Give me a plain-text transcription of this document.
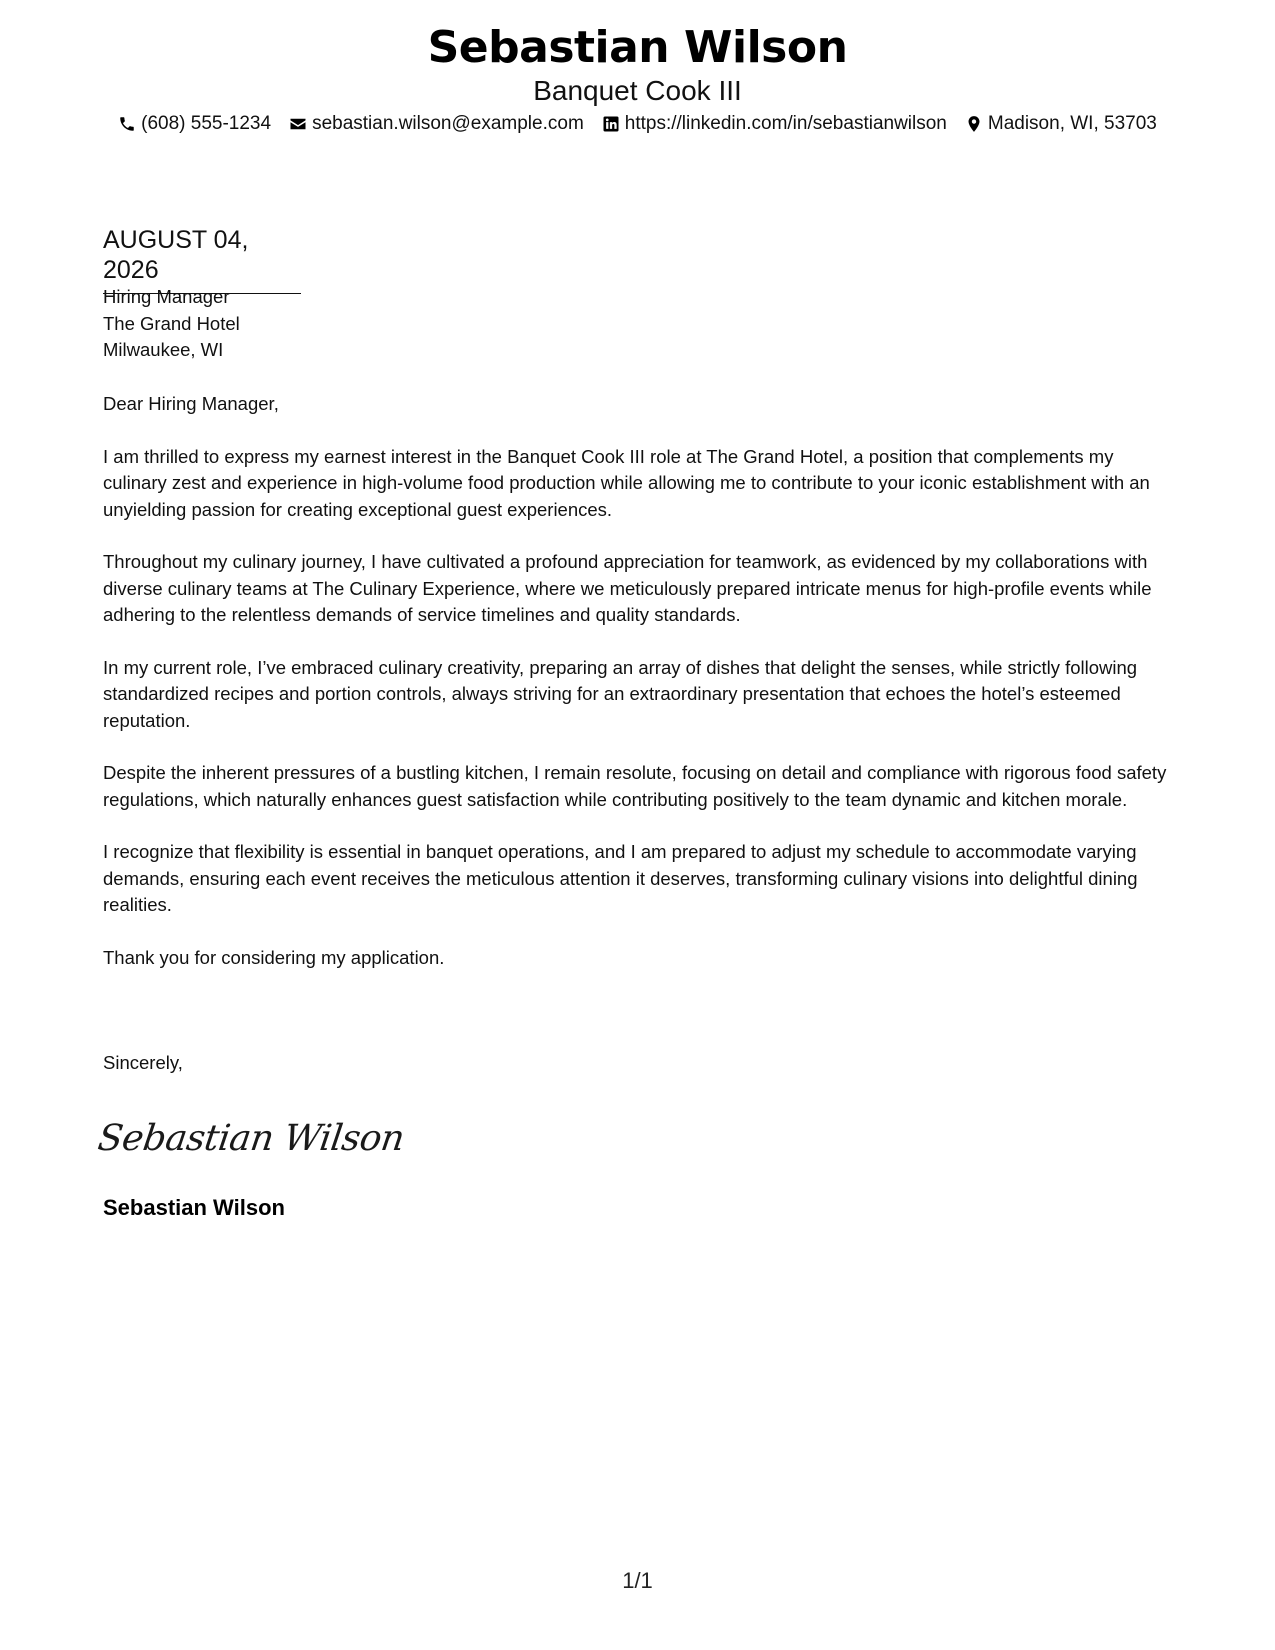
Sebastian Wilson
Banquet Cook III
(608) 555-1234 sebastian.wilson@example.com https://linkedin.com/in/sebastianwilson Madison, WI, 53703
AUGUST 04, 2026
Hiring Manager
The Grand Hotel
Milwaukee, WI

Dear Hiring Manager,

I am thrilled to express my earnest interest in the Banquet Cook III role at The Grand Hotel, a position that complements my culinary zest and experience in high-volume food production while allowing me to contribute to your iconic establishment with an unyielding passion for creating exceptional guest experiences.

Throughout my culinary journey, I have cultivated a profound appreciation for teamwork, as evidenced by my collaborations with diverse culinary teams at The Culinary Experience, where we meticulously prepared intricate menus for high-profile events while adhering to the relentless demands of service timelines and quality standards.

In my current role, I’ve embraced culinary creativity, preparing an array of dishes that delight the senses, while strictly following standardized recipes and portion controls, always striving for an extraordinary presentation that echoes the hotel’s esteemed reputation.

Despite the inherent pressures of a bustling kitchen, I remain resolute, focusing on detail and compliance with rigorous food safety regulations, which naturally enhances guest satisfaction while contributing positively to the team dynamic and kitchen morale.

I recognize that flexibility is essential in banquet operations, and I am prepared to adjust my schedule to accommodate varying demands, ensuring each event receives the meticulous attention it deserves, transforming culinary visions into delightful dining realities.

Thank you for considering my application.

Sincerely,
Sebastian Wilson
Sebastian Wilson
1/1
